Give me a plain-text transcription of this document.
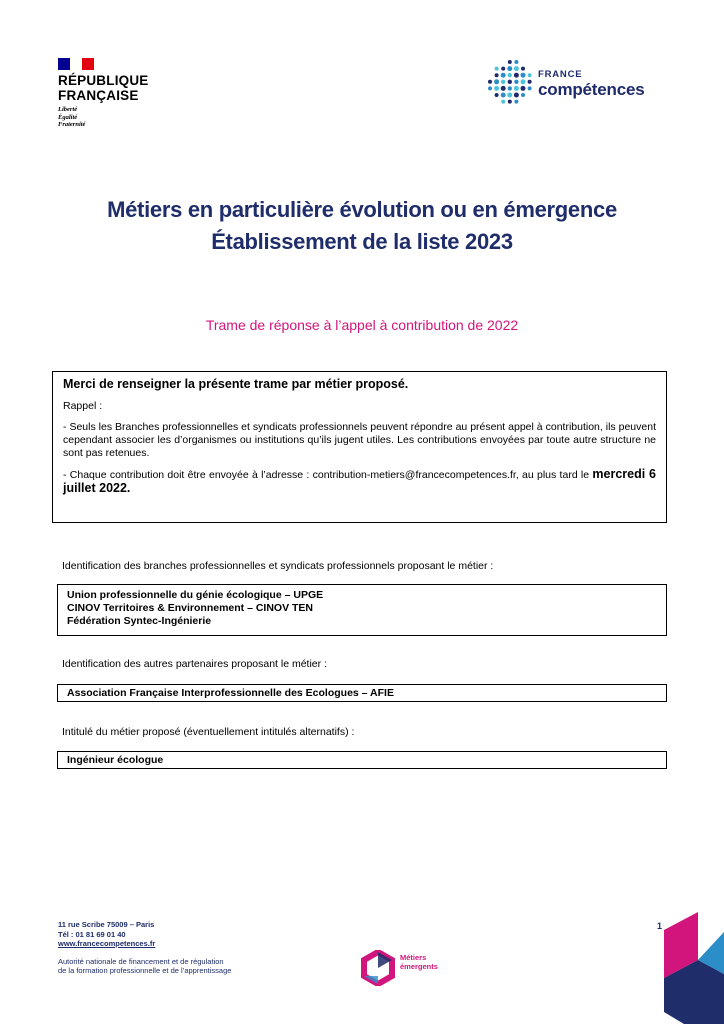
RÉPUBLIQUE
FRANÇAISE
Liberté
Égalité
Fraternité
FRANCE
compétences
Métiers en particulière évolution ou en émergence
Établissement de la liste 2023
Trame de réponse à l’appel à contribution de 2022
Merci de renseigner la présente trame par métier proposé.
Rappel :
- Seuls les Branches professionnelles et syndicats professionnels peuvent répondre au présent appel à contribution, ils peuvent cependant associer les d’organismes ou institutions qu’ils jugent utiles. Les contributions envoyées par toute autre structure ne sont pas retenues.
- Chaque contribution doit être envoyée à l’adresse : contribution-metiers@francecompetences.fr, au plus tard le mercredi 6 juillet 2022.
Identification des branches professionnelles et syndicats professionnels proposant le métier :
Union professionnelle du génie écologique – UPGE
CINOV Territoires & Environnement – CINOV TEN
Fédération Syntec-Ingénierie
Identification des autres partenaires proposant le métier :
Association Française Interprofessionnelle des Ecologues – AFIE
Intitulé du métier proposé (éventuellement intitulés alternatifs) :
Ingénieur écologue
11 rue Scribe 75009 – Paris
Tél : 01 81 69 01 40
www.francecompetences.fr
Autorité nationale de financement et de régulation
de la formation professionnelle et de l’apprentissage
Métiers
émergents
1
